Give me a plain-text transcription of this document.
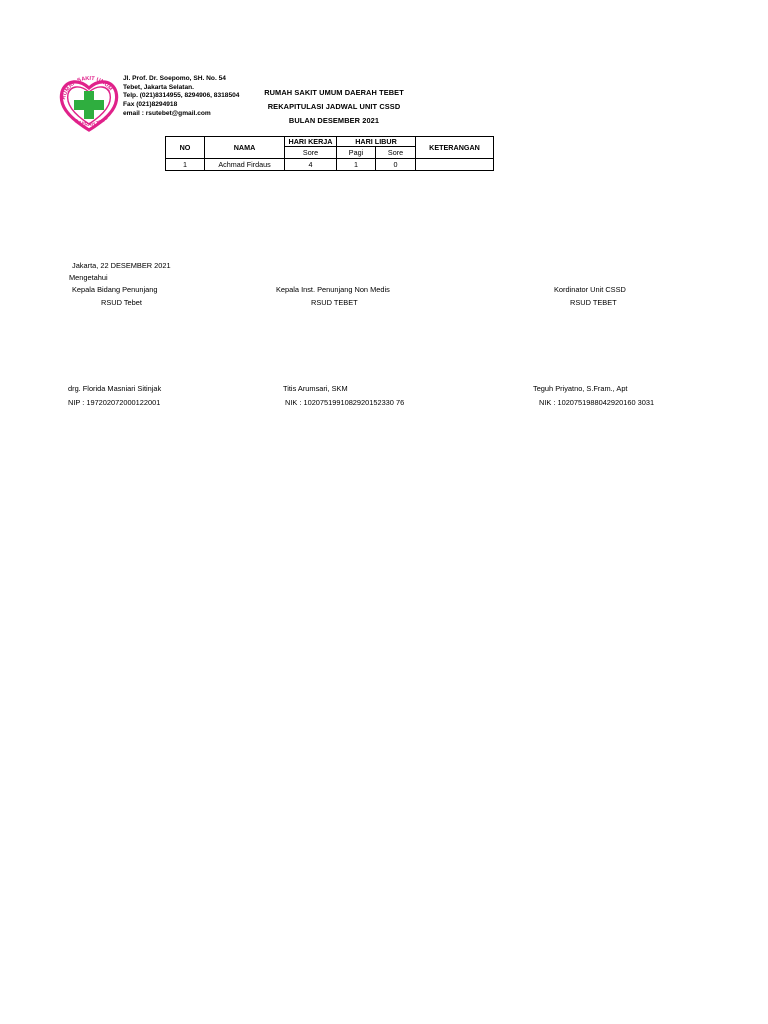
RUMAH SAKIT UMUM
DAERAH TEBE
Jl. Prof. Dr. Soepomo, SH. No. 54
Tebet, Jakarta Selatan.
Telp. (021)8314955, 8294906, 8318504
Fax (021)8294918
email : rsutebet@gmail.com
RUMAH SAKIT UMUM DAERAH TEBET
REKAPITULASI JADWAL UNIT CSSD
BULAN DESEMBER 2021
NO	NAMA	HARI KERJA	HARI LIBUR		KETERANGAN
		Sore	Pagi	Sore	
1	Achmad Firdaus	4	1	0	
Jakarta, 22 DESEMBER 2021
Mengetahui
Kepala Bidang Penunjang
RSUD Tebet
Kepala Inst. Penunjang Non Medis
RSUD TEBET
Kordinator Unit CSSD
RSUD TEBET
drg. Florida Masniari Sitinjak
NIP : 197202072000122001
Titis Arumsari, SKM
NIK : 1020751991082920152330 76
Teguh Priyatno, S.Fram., Apt
NIK : 1020751988042920160 3031
